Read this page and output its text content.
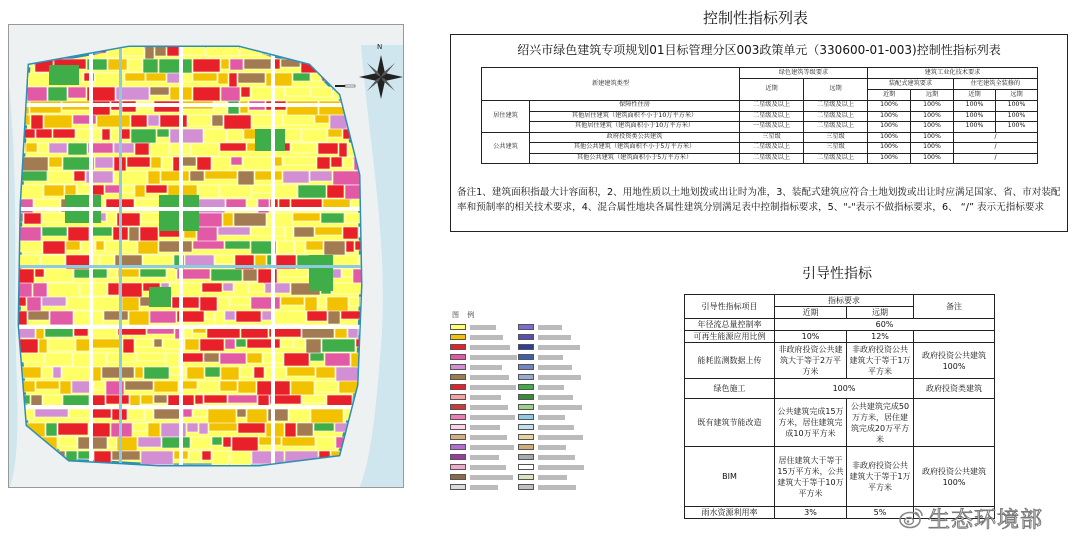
N
图 例
控制性指标列表
绍兴市绿色建筑专项规划01目标管理分区003政策单元（330600-01-003)控制性指标列表
新建建筑类型		绿色建筑等级要求		建筑工业化技术要求			
		近期	远期	装配式建筑要求		住宅建筑全装修的	
				近期	远期	近期	远期
居住建筑	保障性住房	二星级及以上	二星级及以上	100%	100%	100%	100%
	其他居住建筑（建筑面积不小于10万平方米）	二星级及以上	二星级及以上	100%	100%	100%	100%
	其他居住建筑（建筑面积小于10万平方米）	一星级及以上	二星级及以上	100%	100%	100%	100%
公共建筑	政府投资类公共建筑	三星级	三星级	100%	100%	/	
	其他公共建筑（建筑面积不小于5万平方米）	二星级及以上	三星级	100%	100%	/	
	其他公共建筑（建筑面积小于5万平方米）	二星级及以上	二星级及以上	100%	100%	/	
备注1、建筑面积指最大计容面积，2、用地性质以土地划拨或出让时为准，3、装配式建筑应符合土地划拨或出让时应满足国家、省、市对装配率和预制率的相关技术要求，4、混合属性地块各属性建筑分别满足表中控制指标要求，5、"-"表示不做指标要求，6、 “/” 表示无指标要求
引导性指标
引导性指标项目	指标要求		备注
	近期	远期	
年径流总量控制率	60%		
可再生能源应用比例	10%	12%	
能耗监测数据上传	非政府投资公共建筑大于等于2万平方米	非政府投资公共建筑大于等于1万平方米	政府投资公共建筑100%
绿色施工	100%		政府投资类建筑
既有建筑节能改造	公共建筑完成15万方米，居住建筑完成10万平方米	公共建筑完成50万方米，居住建筑完成20万平方米	
BIM	居住建筑大于等于15万平方米，公共建筑大于等于10万平方米	非政府投资公共建筑大于等于1万平方米	政府投资公共建筑100%
雨水资源利用率	3%	5%	生态环境部
